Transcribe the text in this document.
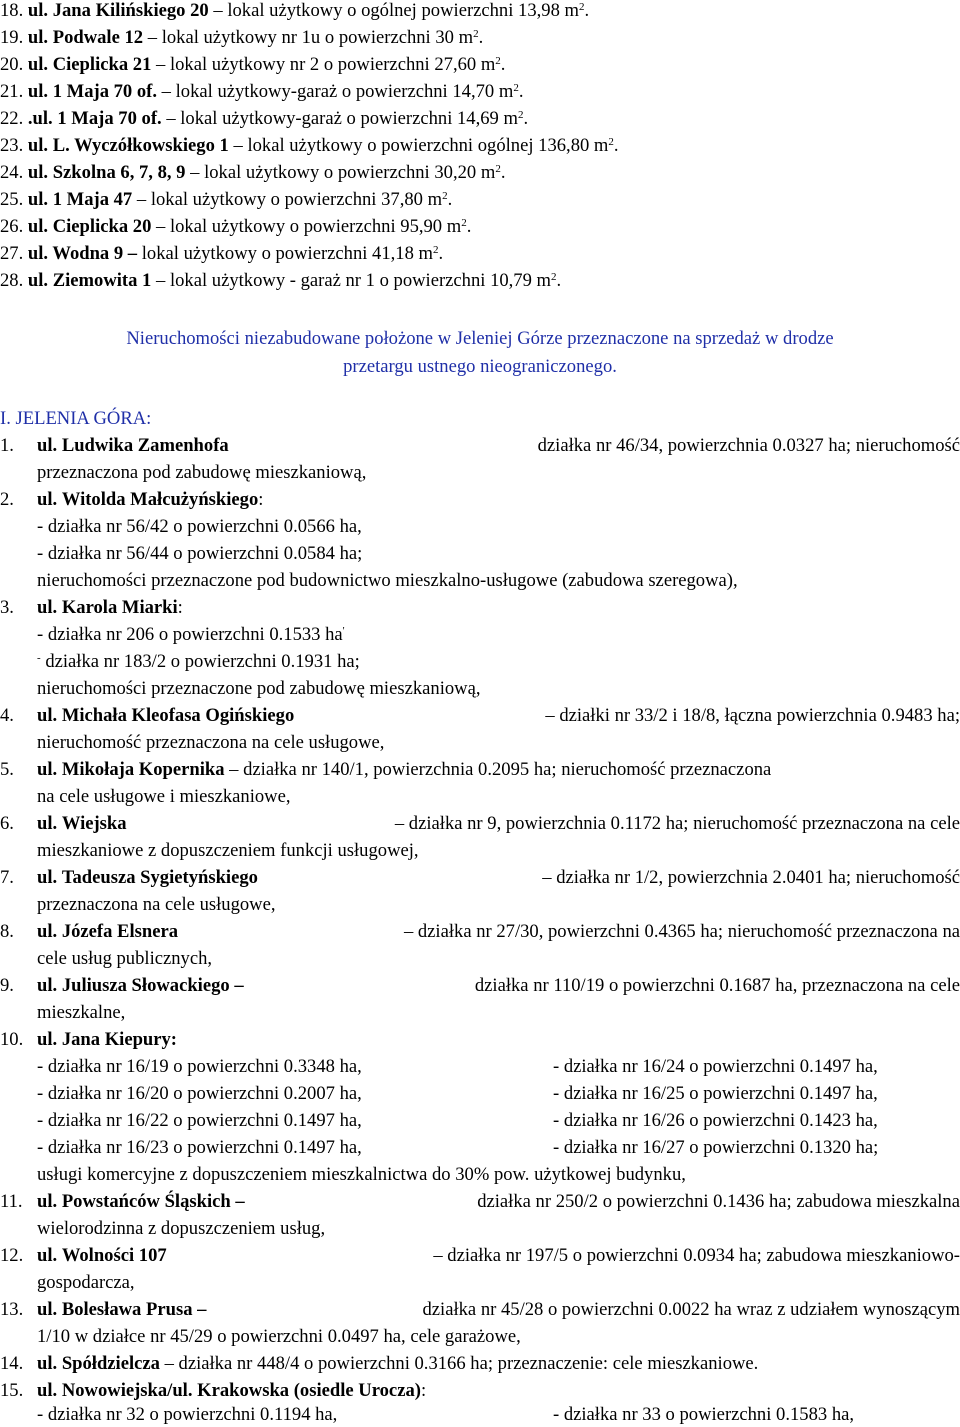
18. ul. Jana Kilińskiego 20 – lokal użytkowy o ogólnej powierzchni 13,98 $m^2$.
19. ul. Podwale 12 – lokal użytkowy nr 1u o powierzchni 30 $m^2$.
20. ul. Cieplicka 21 – lokal użytkowy nr 2 o powierzchni 27,60 $m^2$.
21. ul. 1 Maja 70 of. – lokal użytkowy-garaż o powierzchni 14,70 $m^2$.
22. .ul. 1 Maja 70 of. – lokal użytkowy-garaż o powierzchni 14,69 $m^2$.
23. ul. L. Wyczółkowskiego 1 – lokal użytkowy o powierzchni ogólnej 136,80 $m^2$.
24. ul. Szkolna 6, 7, 8, 9 – lokal użytkowy o powierzchni 30,20 $m^2$.
25. ul. 1 Maja 47 – lokal użytkowy o powierzchni 37,80 $m^2$.
26. ul. Cieplicka 20 – lokal użytkowy o powierzchni 95,90 $m^2$.
27. ul. Wodna 9 – lokal użytkowy o powierzchni 41,18 $m^2$.
28. ul. Ziemowita 1 – lokal użytkowy - garaż nr 1 o powierzchni 10,79 $m^2$.
Nieruchomości niezabudowane położone w Jeleniej Górze przeznaczone na sprzedaż w drodze
przetargu ustnego nieograniczonego.
I. JELENIA GÓRA:
1. ul. Ludwika Zamenhofa	działka nr 46/34, powierzchnia 0.0327 ha; nieruchomość
przeznaczona pod zabudowę mieszkaniową,
2. ul. Witolda Małcużyńskiego:
- działka nr 56/42 o powierzchni 0.0566 ha,
- działka nr 56/44 o powierzchni 0.0584 ha;
nieruchomości przeznaczone pod budownictwo mieszkalno-usługowe (zabudowa szeregowa),
3. ul. Karola Miarki:
- działka nr 206 o powierzchni 0.1533 ha'
- działka nr 183/2 o powierzchni 0.1931 ha;
nieruchomości przeznaczone pod zabudowę mieszkaniową,
4. ul. Michała Kleofasa Ogińskiego	– działki nr 33/2 i 18/8, łączna powierzchnia 0.9483 ha;
nieruchomość przeznaczona na cele usługowe,
5. ul. Mikołaja Kopernika – działka nr 140/1, powierzchnia 0.2095 ha; nieruchomość przeznaczona
na cele usługowe i mieszkaniowe,
6. ul. Wiejska	– działka nr 9, powierzchnia 0.1172 ha; nieruchomość przeznaczona na cele
mieszkaniowe z dopuszczeniem funkcji usługowej,
7. ul. Tadeusza Sygietyńskiego	– działka nr 1/2, powierzchnia 2.0401 ha; nieruchomość
przeznaczona na cele usługowe,
8. ul. Józefa Elsnera	– działka nr 27/30, powierzchni 0.4365 ha; nieruchomość przeznaczona na
cele usług publicznych,
9. ul. Juliusza Słowackiego –	działka nr 110/19 o powierzchni 0.1687 ha, przeznaczona na cele
mieszkalne,
10. ul. Jana Kiepury:
- działka nr 16/19 o powierzchni 0.3348 ha,	- działka nr 16/24 o powierzchni 0.1497 ha,
- działka nr 16/20 o powierzchni 0.2007 ha,	- działka nr 16/25 o powierzchni 0.1497 ha,
- działka nr 16/22 o powierzchni 0.1497 ha,	- działka nr 16/26 o powierzchni 0.1423 ha,
- działka nr 16/23 o powierzchni 0.1497 ha,	- działka nr 16/27 o powierzchni 0.1320 ha;
usługi komercyjne z dopuszczeniem mieszkalnictwa do 30% pow. użytkowej budynku,
11. ul. Powstańców Śląskich –	działka nr 250/2 o powierzchni 0.1436 ha; zabudowa mieszkalna
wielorodzinna z dopuszczeniem usług,
12. ul. Wolności 107	– działka nr 197/5 o powierzchni 0.0934 ha; zabudowa mieszkaniowo-
gospodarcza,
13. ul. Bolesława Prusa –	działka nr 45/28 o powierzchni 0.0022 ha wraz z udziałem wynoszącym
1/10 w działce nr 45/29 o powierzchni 0.0497 ha, cele garażowe,
14. ul. Spółdzielcza – działka nr 448/4 o powierzchni 0.3166 ha; przeznaczenie: cele mieszkaniowe.
15. ul. Nowowiejska/ul. Krakowska (osiedle Urocza):
- działka nr 32 o powierzchni 0.1194 ha,	- działka nr 33 o powierzchni 0.1583 ha,
